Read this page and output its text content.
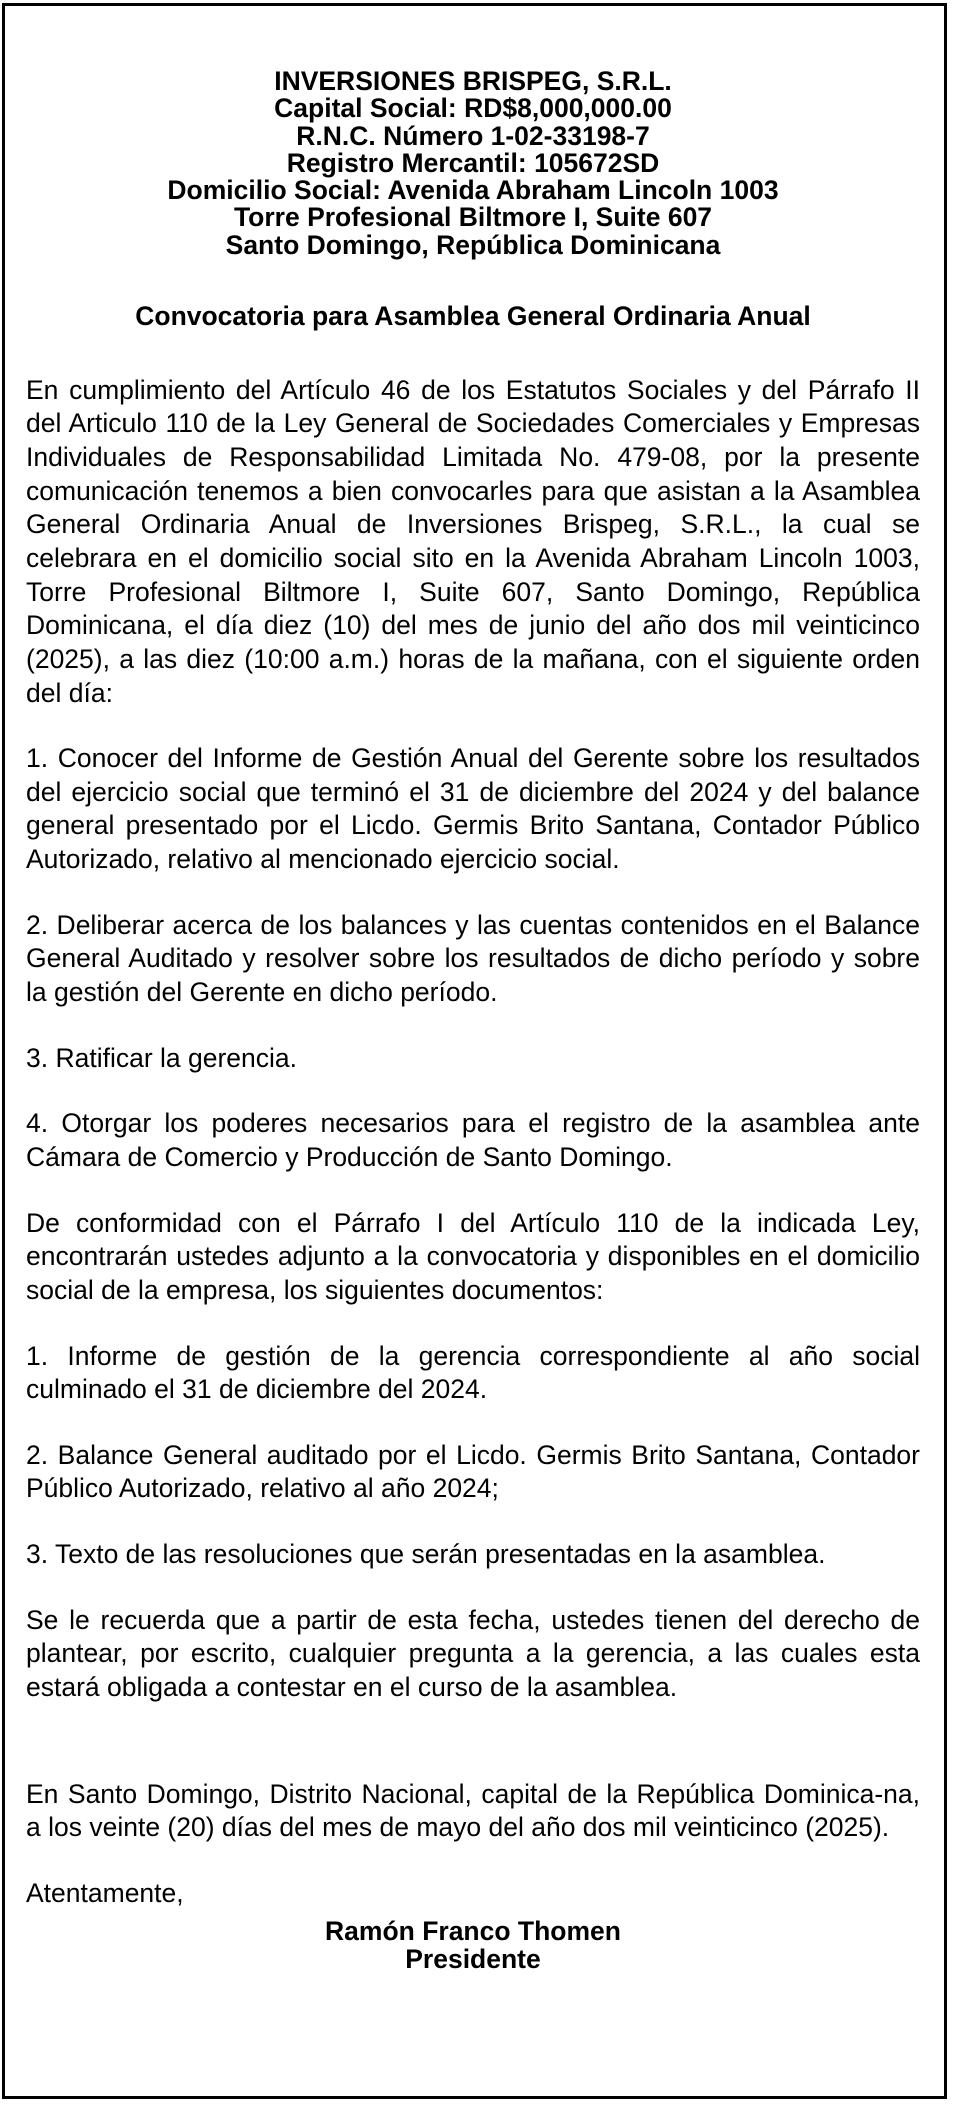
INVERSIONES BRISPEG, S.R.L.
Capital Social: RD$8,000,000.00
R.N.C. Número 1-02-33198-7
Registro Mercantil: 105672SD
Domicilio Social: Avenida Abraham Lincoln 1003
Torre Profesional Biltmore I, Suite 607
Santo Domingo, República Dominicana
Convocatoria para Asamblea General Ordinaria Anual

En cumplimiento del Artículo 46 de los Estatutos Sociales y del Párrafo II del Articulo 110 de la Ley General de Sociedades Comerciales y Empresas Individuales de Responsabilidad Limitada No. 479-08, por la presente comunicación tenemos a bien convocarles para que asistan a la Asamblea General Ordinaria Anual de Inversiones Brispeg, S.R.L., la cual se celebrara en el domicilio social sito en la Avenida Abraham Lincoln 1003, Torre Profesional Biltmore I, Suite 607, Santo Domingo, República Dominicana, el día diez (10) del mes de junio del año dos mil veinticinco (2025), a las diez (10:00 a.m.) horas de la mañana, con el siguiente orden del día:

1. Conocer del Informe de Gestión Anual del Gerente sobre los resultados del ejercicio social que terminó el 31 de diciembre del 2024 y del balance general presentado por el Licdo. Germis Brito Santana, Contador Público Autorizado, relativo al mencionado ejercicio social.

2. Deliberar acerca de los balances y las cuentas contenidos en el Balance General Auditado y resolver sobre los resultados de dicho período y sobre la gestión del Gerente en dicho período.

3. Ratificar la gerencia.

4. Otorgar los poderes necesarios para el registro de la asamblea ante Cámara de Comercio y Producción de Santo Domingo.

De conformidad con el Párrafo I del Artículo 110 de la indicada Ley, encontrarán ustedes adjunto a la convocatoria y disponibles en el domicilio social de la empresa, los siguientes documentos:

1. Informe de gestión de la gerencia correspondiente al año social culminado el 31 de diciembre del 2024.

2. Balance General auditado por el Licdo. Germis Brito Santana, Contador Público Autorizado, relativo al año 2024;

3. Texto de las resoluciones que serán presentadas en la asamblea.

Se le recuerda que a partir de esta fecha, ustedes tienen del derecho de plantear, por escrito, cualquier pregunta a la gerencia, a las cuales esta estará obligada a contestar en el curso de la asamblea.

En Santo Domingo, Distrito Nacional, capital de la República Dominica-na, a los veinte (20) días del mes de mayo del año dos mil veinticinco (2025).

Atentamente,

Ramón Franco Thomen
Presidente
